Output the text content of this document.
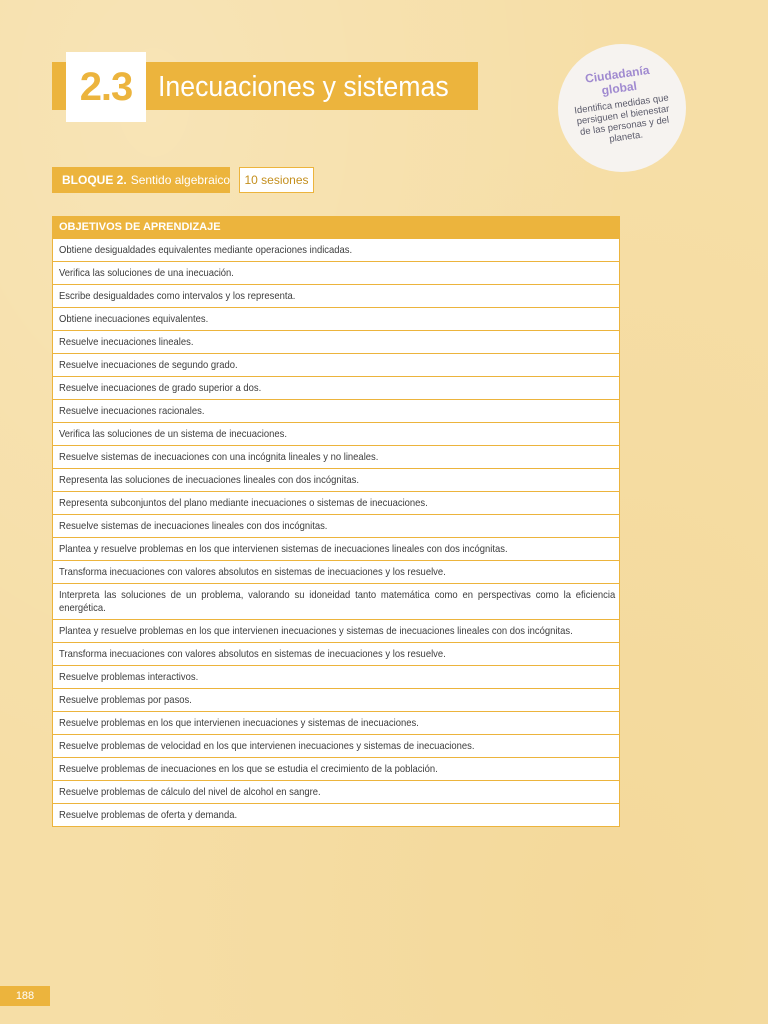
2.3 Inecuaciones y sistemas	Ciudadanía global
Identifica medidas que persiguen el bienestar de las personas y del planeta.
BLOQUE 2. Sentido algebraico	10 sesiones
OBJETIVOS DE APRENDIZAJE
Obtiene desigualdades equivalentes mediante operaciones indicadas.
Verifica las soluciones de una inecuación.
Escribe desigualdades como intervalos y los representa.
Obtiene inecuaciones equivalentes.
Resuelve inecuaciones lineales.
Resuelve inecuaciones de segundo grado.
Resuelve inecuaciones de grado superior a dos.
Resuelve inecuaciones racionales.
Verifica las soluciones de un sistema de inecuaciones.
Resuelve sistemas de inecuaciones con una incógnita lineales y no lineales.
Representa las soluciones de inecuaciones lineales con dos incógnitas.
Representa subconjuntos del plano mediante inecuaciones o sistemas de inecuaciones.
Resuelve sistemas de inecuaciones lineales con dos incógnitas.
Plantea y resuelve problemas en los que intervienen sistemas de inecuaciones lineales con dos incógnitas.
Transforma inecuaciones con valores absolutos en sistemas de inecuaciones y los resuelve.
Interpreta las soluciones de un problema, valorando su idoneidad tanto matemática como en perspectivas como la eficiencia energética.
Plantea y resuelve problemas en los que intervienen inecuaciones y sistemas de inecuaciones lineales con dos incógnitas.
Transforma inecuaciones con valores absolutos en sistemas de inecuaciones y los resuelve.
Resuelve problemas interactivos.
Resuelve problemas por pasos.
Resuelve problemas en los que intervienen inecuaciones y sistemas de inecuaciones.
Resuelve problemas de velocidad en los que intervienen inecuaciones y sistemas de inecuaciones.
Resuelve problemas de inecuaciones en los que se estudia el crecimiento de la población.
Resuelve problemas de cálculo del nivel de alcohol en sangre.
Resuelve problemas de oferta y demanda.
188
